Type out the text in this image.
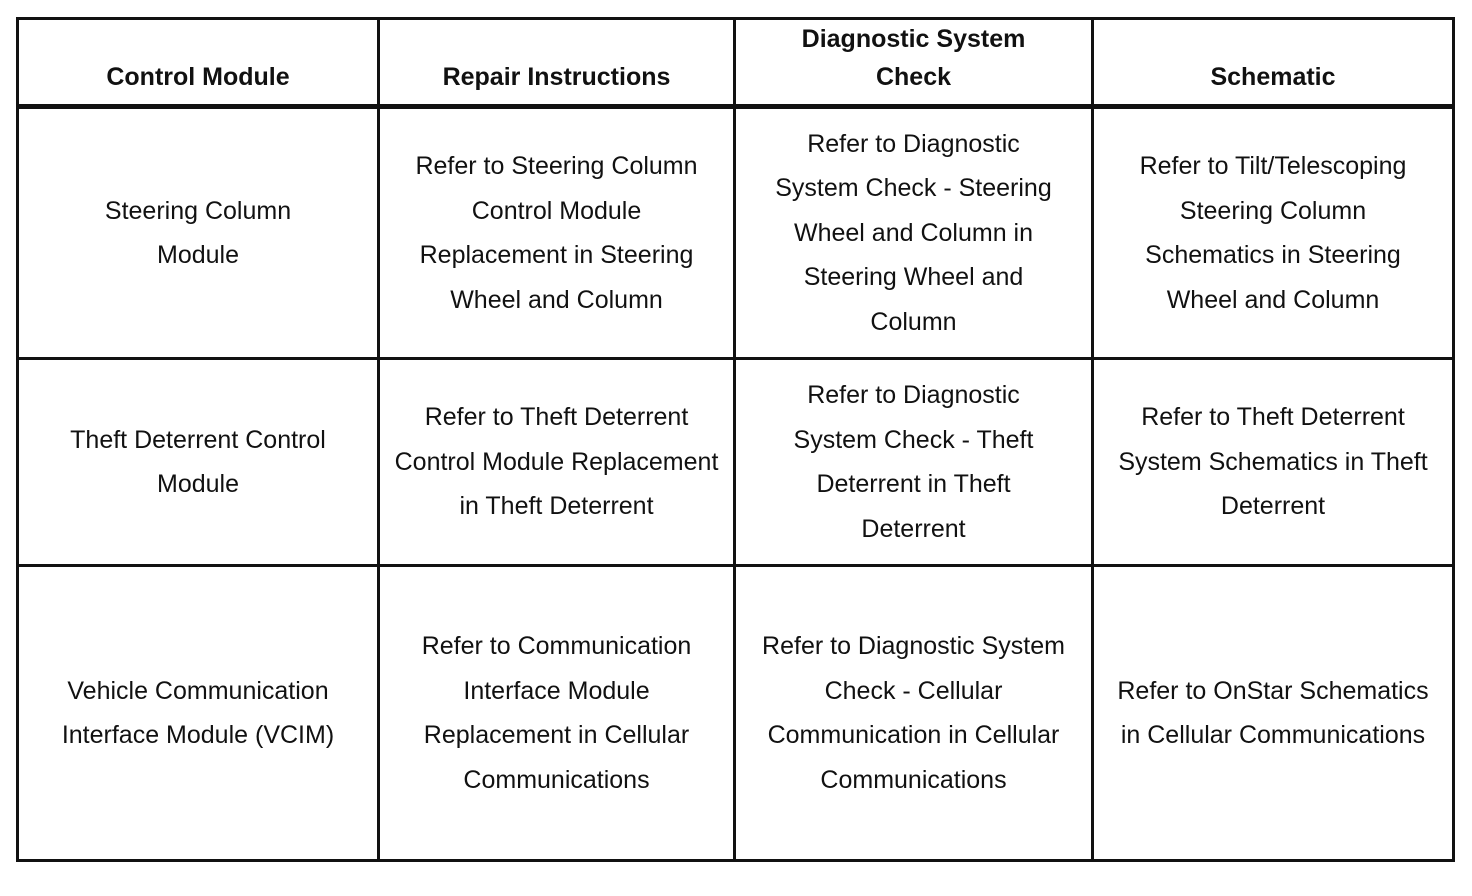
Control Module	Repair Instructions	Diagnostic System Check	Schematic

Steering Column Module	Refer to Steering Column Control Module Replacement in Steering Wheel and Column	Refer to Diagnostic System Check - Steering Wheel and Column in Steering Wheel and Column	Refer to Tilt/Telescoping Steering Column Schematics in Steering Wheel and Column

Theft Deterrent Control Module	Refer to Theft Deterrent Control Module Replacement in Theft Deterrent	Refer to Diagnostic System Check - Theft Deterrent in Theft Deterrent	Refer to Theft Deterrent System Schematics in Theft Deterrent

Vehicle Communication Interface Module (VCIM)	Refer to Communication Interface Module Replacement in Cellular Communications	Refer to Diagnostic System Check - Cellular Communication in Cellular Communications	Refer to OnStar Schematics in Cellular Communications
